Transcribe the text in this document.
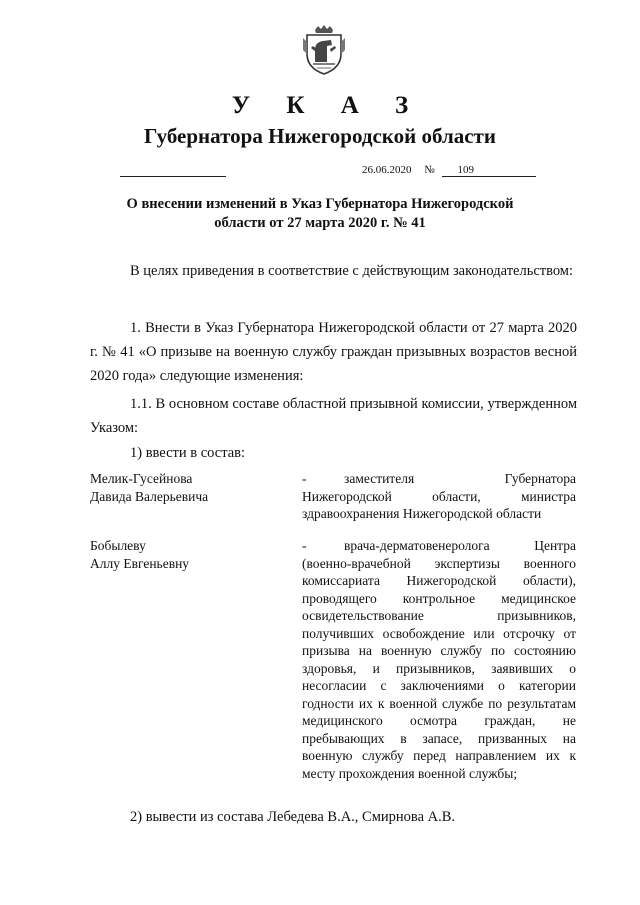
У К А З
Губернатора Нижегородской области
26.06.2020 № 109
О внесении изменений в Указ Губернатора Нижегородской
области от 27 марта 2020 г. № 41
В целях приведения в соответствие с действующим законодательством:
1. Внести в Указ Губернатора Нижегородской области от 27 марта 2020 г. № 41 «О призыве на военную службу граждан призывных возрастов весной 2020 года» следующие изменения:
1.1. В основном составе областной призывной комиссии, утвержденном Указом:
1) ввести в состав:
Мелик-Гусейнова
Давида Валерьевича
-	заместителя Губернатора Нижегородской области, министра здравоохранения Нижегородской области
Бобылеву
Аллу Евгеньевну
-	врача-дерматовенеролога Центра (военно-врачебной экспертизы военного комиссариата Нижегородской области), проводящего контрольное медицинское освидетельствование призывников, получивших освобождение или отсрочку от призыва на военную службу по состоянию здоровья, и призывников, заявивших о несогласии с заключениями о категории годности их к военной службе по результатам медицинского осмотра граждан, не пребывающих в запасе, призванных на военную службу перед направлением их к месту прохождения военной службы;
2) вывести из состава Лебедева В.А., Смирнова А.В.
